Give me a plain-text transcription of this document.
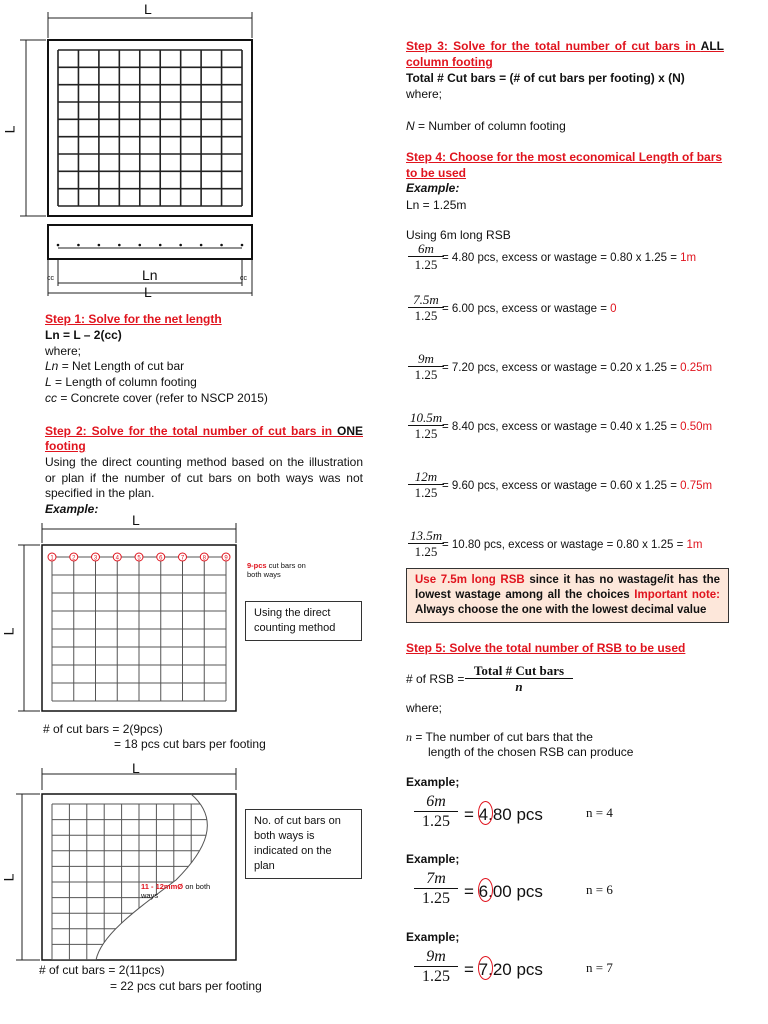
L
L
Ln
L
cc	cc
Step 1: Solve for the net length
Ln = L – 2(cc)
where;
Ln = Net Length of cut bar
L = Length of column footing
cc = Concrete cover (refer to NSCP 2015)
Step 2: Solve for the total number of cut bars in ONE
footing
Using the direct counting method based on the illustration or plan if the number of cut bars on both ways was not specified in the plan.
Example:
1	2	3	4	5	6	7	8	9
L
L
9-pcs cut bars on both ways
Using the direct counting method
# of cut bars = 2(9pcs)
= 18 pcs cut bars per footing
L
L
No. of cut bars on both ways is indicated on the plan
11 - 12mmØ on both ways
# of cut bars = 2(11pcs)
= 22 pcs cut bars per footing
Step 3: Solve for the total number of cut bars in ALL
column footing
Total # Cut bars = (# of cut bars per footing) x (N)
where;
N = Number of column footing
Step 4: Choose for the most economical Length of bars
to be used
Example:
Ln = 1.25m
Using 6m long RSB
6m
1.25 = 4.80 pcs, excess or wastage = 0.80 x 1.25 = 1m
7.5m
1.25 = 6.00 pcs, excess or wastage = 0
9m
1.25 = 7.20 pcs, excess or wastage = 0.20 x 1.25 = 0.25m
10.5m
1.25 = 8.40 pcs, excess or wastage = 0.40 x 1.25 = 0.50m
12m
1.25 = 9.60 pcs, excess or wastage = 0.60 x 1.25 = 0.75m
13.5m
1.25 = 10.80 pcs, excess or wastage = 0.80 x 1.25 = 1m
Use 7.5m long RSB since it has no wastage/it has the lowest wastage among all the choices Important note: Always choose the one with the lowest decimal value
Step 5: Solve the total number of RSB to be used
# of RSB =
Total # Cut bars
n
where;
n = The number of cut bars that the
length of the chosen RSB can produce
Example;
6m
1.25 = 4.80 pcs	n = 4
Example;
7m
1.25 = 6.00 pcs	n = 6
Example;
9m
1.25 = 7.20 pcs	n = 7
